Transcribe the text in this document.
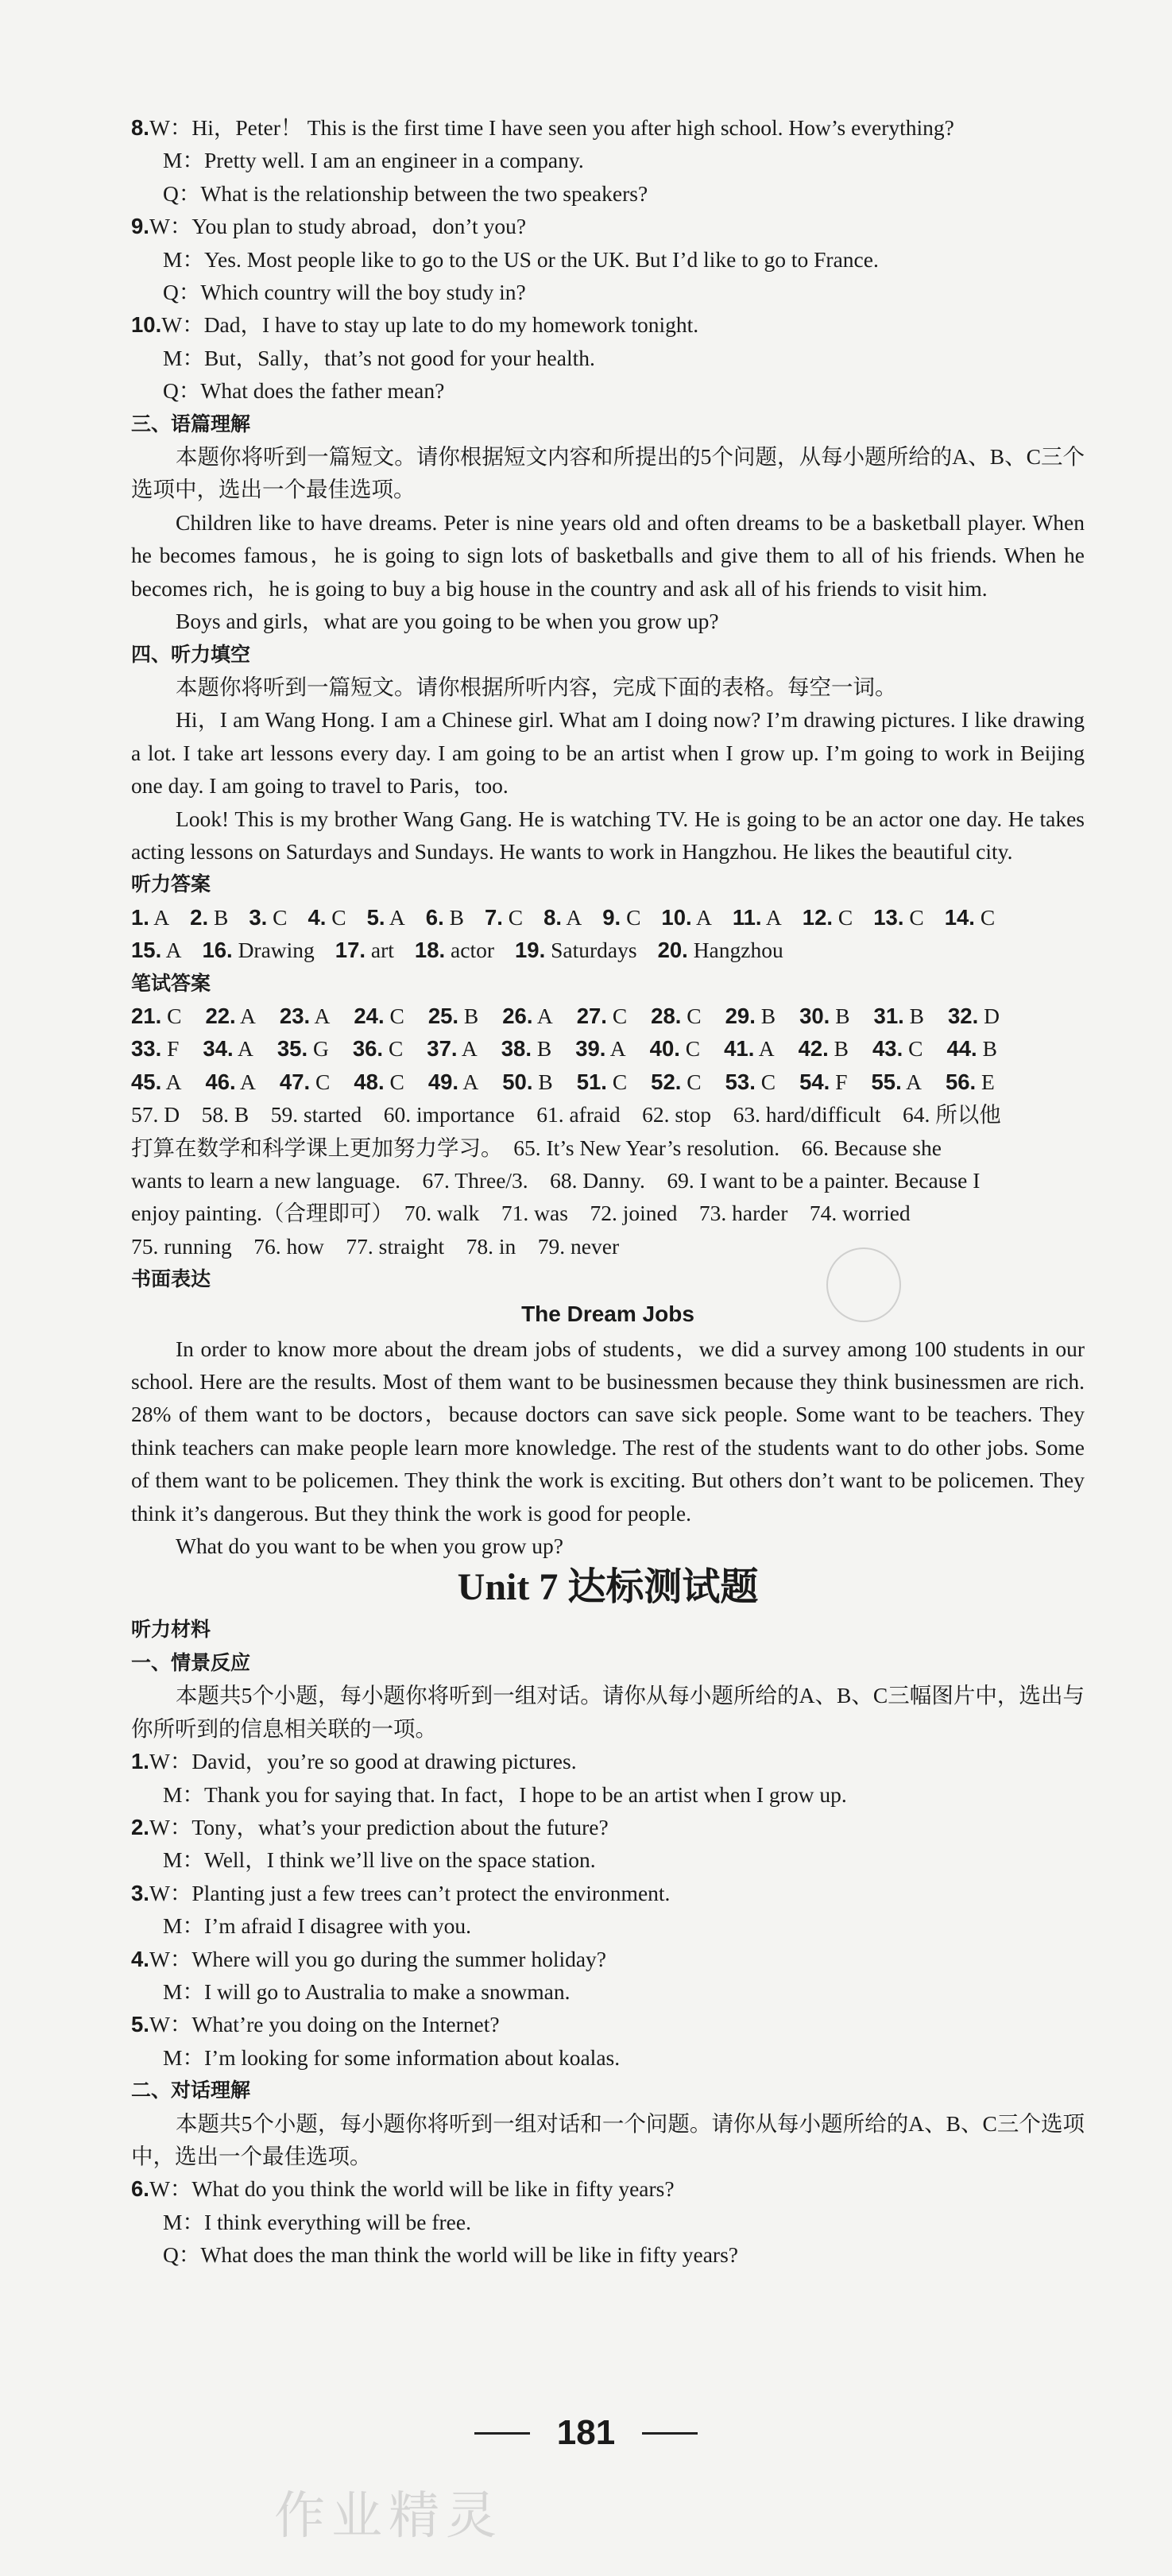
8.W：Hi，Peter！ This is the first time I have seen you after high school. How’s everything?
M：Pretty well. I am an engineer in a company.
Q：What is the relationship between the two speakers?
9.W：You plan to study abroad，don’t you?
M：Yes. Most people like to go to the US or the UK. But I’d like to go to France.
Q：Which country will the boy study in?
10.W：Dad，I have to stay up late to do my homework tonight.
M：But，Sally，that’s not good for your health.
Q：What does the father mean?
三、语篇理解

本题你将听到一篇短文。请你根据短文内容和所提出的5个问题，从每小题所给的A、B、C三个选项中，选出一个最佳选项。

Children like to have dreams. Peter is nine years old and often dreams to be a basketball player. When he becomes famous，he is going to sign lots of basketballs and give them to all of his friends. When he becomes rich，he is going to buy a big house in the country and ask all of his friends to visit him.

Boys and girls，what are you going to be when you grow up?

四、听力填空

本题你将听到一篇短文。请你根据所听内容，完成下面的表格。每空一词。

Hi，I am Wang Hong. I am a Chinese girl. What am I doing now? I’m drawing pictures. I like drawing a lot. I take art lessons every day. I am going to be an artist when I grow up. I’m going to work in Beijing one day. I am going to travel to Paris，too.

Look! This is my brother Wang Gang. He is watching TV. He is going to be an actor one day. He takes acting lessons on Saturdays and Sundays. He wants to work in Hangzhou. He likes the beautiful city.

听力答案
1. A 2. B 3. C 4. C 5. A 6. B 7. C 8. A 9. C 10. A 11. A 12. C 13. C 14. C
15. A 16. Drawing 17. art 18. actor 19. Saturdays 20. Hangzhou
笔试答案
21. C 22. A 23. A 24. C 25. B 26. A 27. C 28. C 29. B 30. B 31. B 32. D
33. F 34. A 35. G 36. C 37. A 38. B 39. A 40. C 41. A 42. B 43. C 44. B
45. A 46. A 47. C 48. C 49. A 50. B 51. C 52. C 53. C 54. F 55. A 56. E
57. D　58. B　59. started　60. importance　61. afraid　62. stop　63. hard/difficult　64. 所以他
打算在数学和科学课上更加努力学习。　65. It’s New Year’s resolution.　66. Because she
wants to learn a new language.　67. Three/3.　68. Danny.　69. I want to be a painter. Because I
enjoy painting.（合理即可）　70. walk　71. was　72. joined　73. harder　74. worried
75. running　76. how　77. straight　78. in　79. never
书面表达
The Dream Jobs

In order to know more about the dream jobs of students，we did a survey among 100 students in our school. Here are the results. Most of them want to be businessmen because they think businessmen are rich. 28% of them want to be doctors，because doctors can save sick people. Some want to be teachers. They think teachers can make people learn more knowledge. The rest of the students want to do other jobs. Some of them want to be policemen. They think the work is exciting. But others don’t want to be policemen. They think it’s dangerous. But they think the work is good for people.

What do you want to be when you grow up?

Unit 7 达标测试题
听力材料
一、情景反应

本题共5个小题，每小题你将听到一组对话。请你从每小题所给的A、B、C三幅图片中，选出与你所听到的信息相关联的一项。

1.W：David，you’re so good at drawing pictures.
M：Thank you for saying that. In fact，I hope to be an artist when I grow up.
2.W：Tony，what’s your prediction about the future?
M：Well，I think we’ll live on the space station.
3.W：Planting just a few trees can’t protect the environment.
M：I’m afraid I disagree with you.
4.W：Where will you go during the summer holiday?
M：I will go to Australia to make a snowman.
5.W：What’re you doing on the Internet?
M：I’m looking for some information about koalas.
二、对话理解

本题共5个小题，每小题你将听到一组对话和一个问题。请你从每小题所给的A、B、C三个选项中，选出一个最佳选项。

6.W：What do you think the world will be like in fifty years?
M：I think everything will be free.
Q：What does the man think the world will be like in fifty years?
181
作业精灵
